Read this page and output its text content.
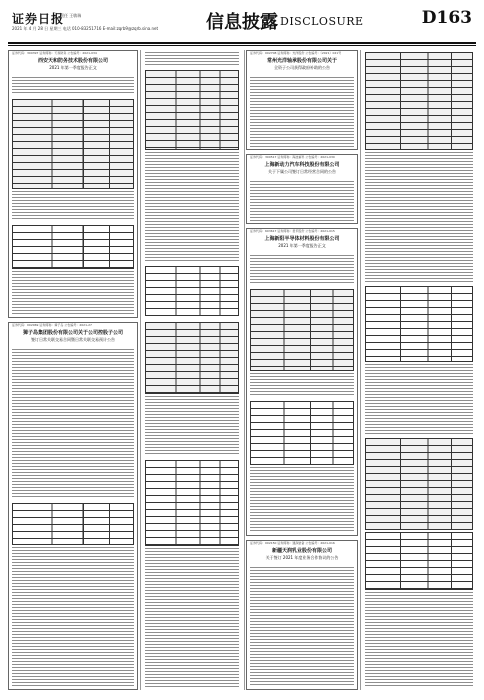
证券日报
责任 王敏瑞
2021 年 4 月 28 日 星期三 电话 010-83251716 E-mail:zqrb9@zqrb.sina.net	信息披露 DISCLOSURE	D163
证券代码：300397 证券简称：天和防务 公告编号：2021-034
西安天和防务技术股份有限公司
2021 年第一季度报告正文
证券代码：002069 证券简称：獐子岛 公告编号：2021-27
獐子岛集团股份有限公司关于公司控股子公司
签订日常关联交易合同暨日常关联交易预计公告
证券代码：002708 证券简称：光洋股份 公告编号：（2021）021号
常州光洋轴承股份有限公司关于
全资子公司获得政府补助的公告
证券代码：300517 证券简称：海波重科 公告编号：2021-030
上海新动力汽车科技股份有限公司
关于下属公司签订日常经营合同的公告
证券代码：603617 证券简称：君禾股份 公告编号：2021-015
上海新阳半导体材料股份有限公司
2021 年第一季度报告正文
证券代码：002150 证券简称：通润装备 公告编号：2021-016
新疆天润乳业股份有限公司
关于签订 2021 年度业务合作协议的公告
